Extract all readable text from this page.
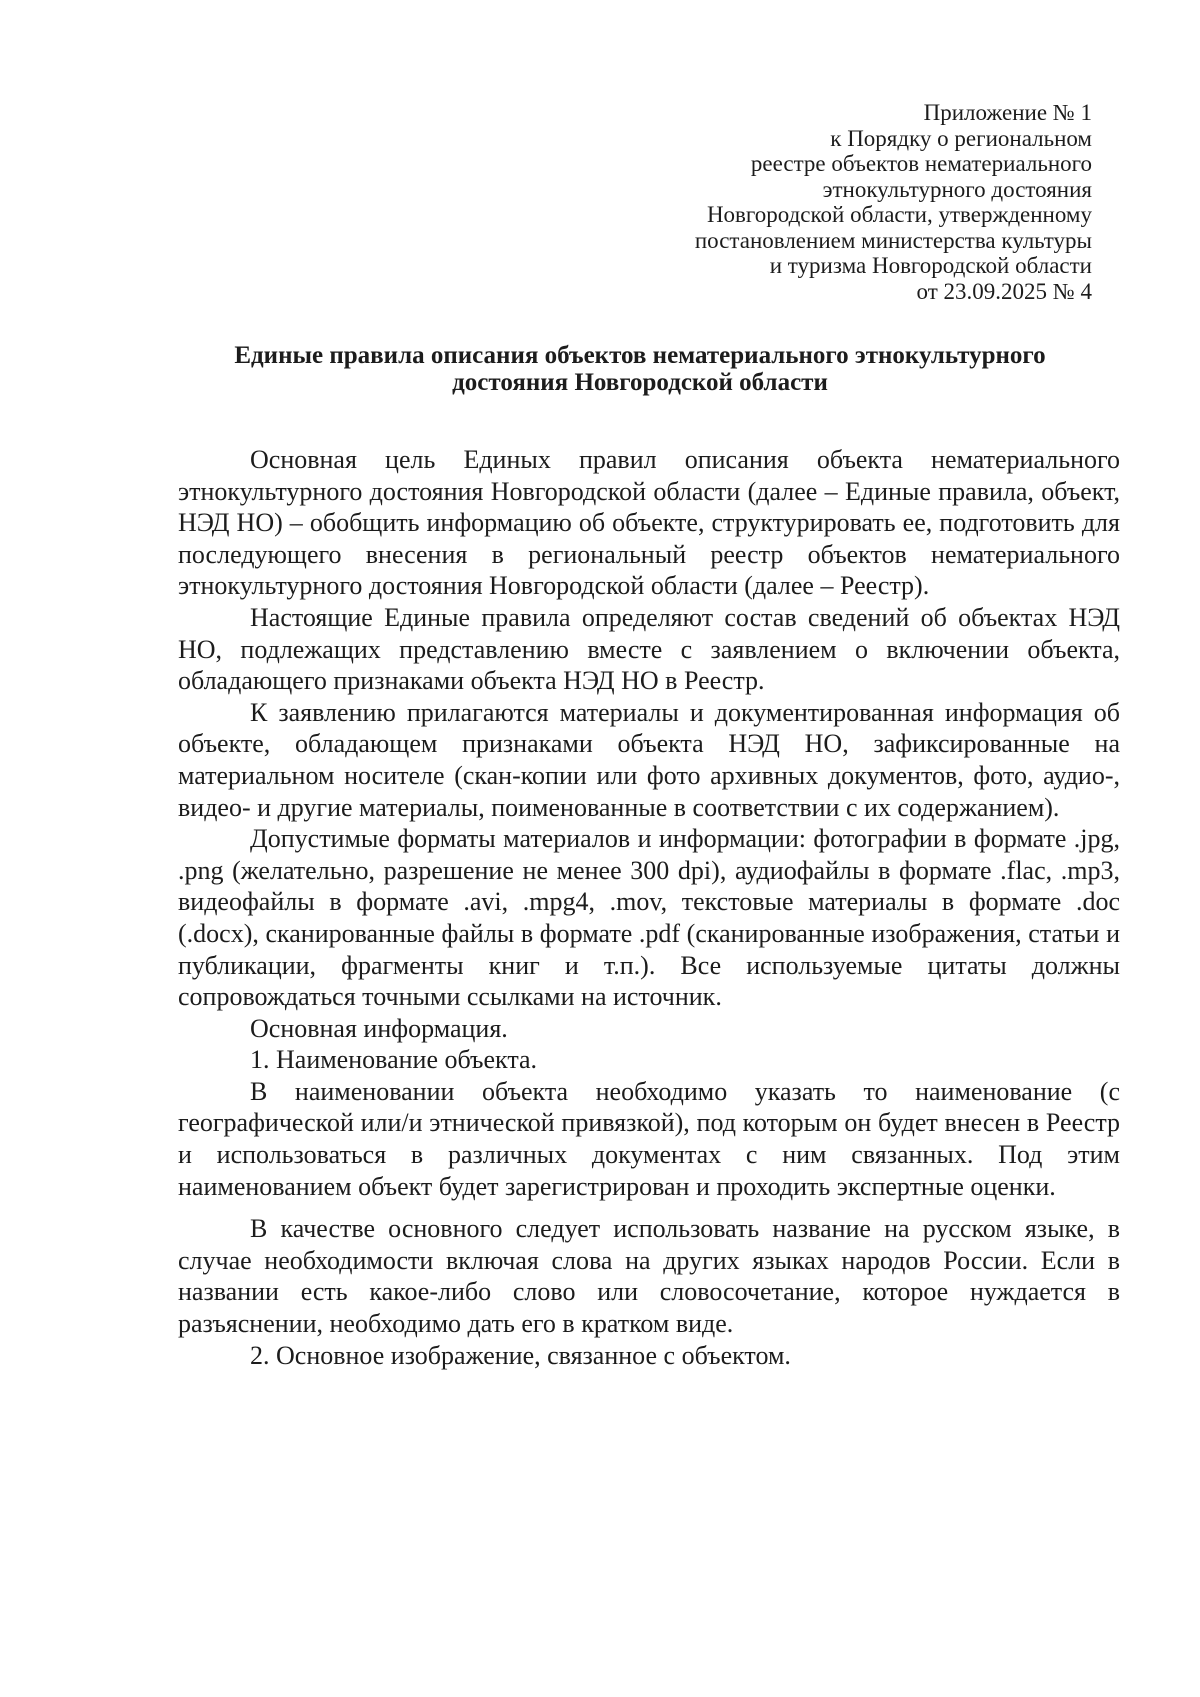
Приложение № 1
к Порядку о региональном
реестре объектов нематериального
этнокультурного достояния
Новгородской области, утвержденному
постановлением министерства культуры
и туризма Новгородской области
от 23.09.2025 № 4
Единые правила описания объектов нематериального этнокультурного
достояния Новгородской области

Основная цель Единых правил описания объекта нематериального этнокультурного достояния Новгородской области (далее – Единые правила, объект, НЭД НО) – обобщить информацию об объекте, структурировать ее, подготовить для последующего внесения в региональный реестр объектов нематериального этнокультурного достояния Новгородской области (далее – Реестр).

Настоящие Единые правила определяют состав сведений об объектах НЭД НО, подлежащих представлению вместе с заявлением о включении объекта, обладающего признаками объекта НЭД НО в Реестр.

К заявлению прилагаются материалы и документированная информация об объекте, обладающем признаками объекта НЭД НО, зафиксированные на материальном носителе (скан-копии или фото архивных документов, фото, аудио-, видео- и другие материалы, поименованные в соответствии с их содержанием).

Допустимые форматы материалов и информации: фотографии в формате .jpg, .png (желательно, разрешение не менее 300 dpi), аудиофайлы в формате .flac, .mp3, видеофайлы в формате .avi, .mpg4, .mov, текстовые материалы в формате .doc (.docx), сканированные файлы в формате .pdf (сканированные изображения, статьи и публикации, фрагменты книг и т.п.). Все используемые цитаты должны сопровождаться точными ссылками на источник.

Основная информация.

1. Наименование объекта.

В наименовании объекта необходимо указать то наименование (с географической или/и этнической привязкой), под которым он будет внесен в Реестр и использоваться в различных документах с ним связанных. Под этим наименованием объект будет зарегистрирован и проходить экспертные оценки.

В качестве основного следует использовать название на русском языке, в случае необходимости включая слова на других языках народов России. Если в названии есть какое-либо слово или словосочетание, которое нуждается в разъяснении, необходимо дать его в кратком виде.

2. Основное изображение, связанное с объектом.
